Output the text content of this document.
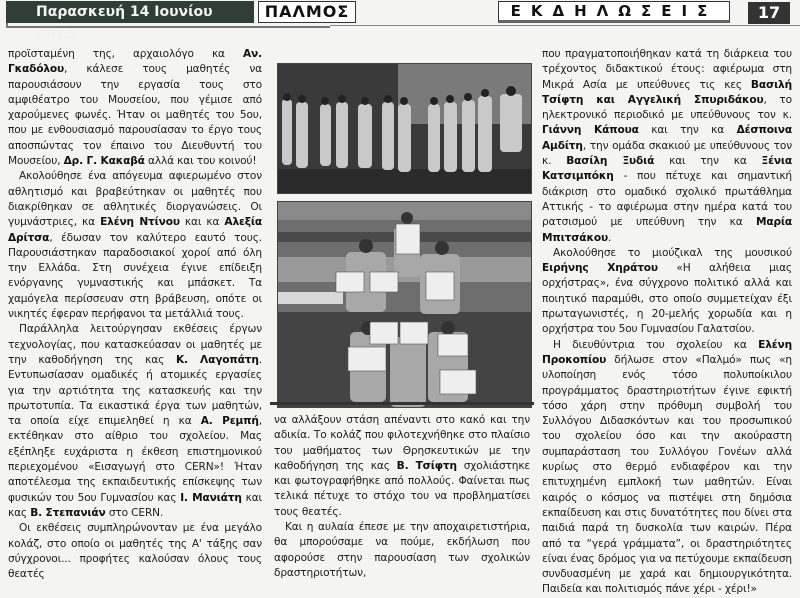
Παρασκευή 14 Ιουνίου 2013
ΠΑΛΜΟΣ	ΕΚΔΗΛΩΣΕΙΣ	17

προϊσταμένη της, αρχαιολόγο κα Αν. Γκαδόλου, κάλεσε τους μαθητές να παρουσιάσουν την εργασία τους στο αμφιθέατρο του Μουσείου, που γέμισε από χαρούμενες φωνές. Ήταν οι μαθητές του 5ου, που με ενθουσιασμό παρουσίασαν το έργο τους αποσπώντας τον έπαινο του Διευθυντή του Μουσείου, Δρ. Γ. Κακαβά αλλά και του κοινού!

Ακολούθησε ένα απόγευμα αφιερωμένο στον αθλητισμό και βραβεύτηκαν οι μαθητές που διακρίθηκαν σε αθλητικές διοργανώσεις. Οι γυμνάστριες, κα Ελένη Ντίνου και κα Αλεξία Δρίτσα, έδωσαν τον καλύτερο εαυτό τους. Παρουσιάστηκαν παραδοσιακοί χοροί από όλη την Ελλάδα. Στη συνέχεια έγινε επίδειξη ενόργανης γυμναστικής και μπάσκετ. Τα χαμόγελα περίσσευαν στη βράβευση, οπότε οι νικητές έφεραν περήφανοι τα μετάλλιά τους.

Παράλληλα λειτούργησαν εκθέσεις έργων τεχνολογίας, που κατασκεύασαν οι μαθητές με την καθοδήγηση της κας Κ. Λαγοπάτη. Εντυπωσίασαν ομαδικές ή ατομικές εργασίες για την αρτιότητα της κατασκευής και την πρωτοτυπία. Τα εικαστικά έργα των μαθητών, τα οποία είχε επιμεληθεί η κα Α. Ρεμπή, εκτέθηκαν στο αίθριο του σχολείου. Μας εξέπληξε ευχάριστα η έκθεση επιστημονικού περιεχομένου «Εισαγωγή στο CERN»! Ήταν αποτέλεσμα της εκπαιδευτικής επίσκεψης των φυσικών του 5ου Γυμνασίου κας Ι. Μανιάτη και κας Β. Στεπανιάν στο CERN.

Οι εκθέσεις συμπληρώνονταν με ένα μεγάλο κολάζ, στο οποίο οι μαθητές της Α' τάξης σαν σύγχρονοι... προφήτες καλούσαν όλους τους θεατές

να αλλάξουν στάση απέναντι στο κακό και την αδικία. Το κολάζ που φιλοτεχνήθηκε στο πλαίσιο του μαθήματος των Θρησκευτικών με την καθοδήγηση της κας Β. Τσίφτη σχολιάστηκε και φωτογραφήθηκε από πολλούς. Φαίνεται πως τελικά πέτυχε το στόχο του να προβληματίσει τους θεατές.

Και η αυλαία έπεσε με την αποχαιρετιστήρια, θα μπορούσαμε να πούμε, εκδήλωση που αφορούσε στην παρουσίαση των σχολικών δραστηριοτήτων,

που πραγματοποιήθηκαν κατά τη διάρκεια του τρέχοντος διδακτικού έτους: αφιέρωμα στη Μικρά Ασία με υπεύθυνες τις κες Βασιλή Τσίφτη και Αγγελική Σπυριδάκου, το ηλεκτρονικό περιοδικό με υπεύθυνους τον κ. Γιάννη Κάπουα και την κα Δέσποινα Αμδίτη, την ομάδα σκακιού με υπεύθυνους τον κ. Βασίλη Ξυδιά και την κα Ξένια Κατσιμπόκη - που πέτυχε και σημαντική διάκριση στο ομαδικό σχολικό πρωτάθλημα Αττικής - το αφιέρωμα στην ημέρα κατά του ρατσισμού με υπεύθυνη την κα Μαρία Μπιτσάκου.

Ακολούθησε το μιούζικαλ της μουσικού Ειρήνης Χηράτου «Η αλήθεια μιας ορχήστρας», ένα σύγχρονο πολιτικό αλλά και ποιητικό παραμύθι, στο οποίο συμμετείχαν έξι πρωταγωνιστές, η 20-μελής χορωδία και η ορχήστρα του 5ου Γυμνασίου Γαλατσίου.

Η διευθύντρια του σχολείου κα Ελένη Προκοπίου δήλωσε στον «Παλμό» πως «η υλοποίηση ενός τόσο πολυποίκιλου προγράμματος δραστηριοτήτων έγινε εφικτή τόσο χάρη στην πρόθυμη συμβολή του Συλλόγου Διδασκόντων και του προσωπικού του σχολείου όσο και την ακούραστη συμπαράσταση του Συλλόγου Γονέων αλλά κυρίως στο θερμό ενδιαφέρον και την επιτυχημένη εμπλοκή των μαθητών. Είναι καιρός ο κόσμος να πιστέψει στη δημόσια εκπαίδευση και στις δυνατότητες που δίνει στα παιδιά παρά τη δυσκολία των καιρών. Πέρα από τα “γερά γράμματα”, οι δραστηριότητες είναι ένας δρόμος για να πετύχουμε εκπαίδευση συνδυασμένη με χαρά και δημιουργικότητα. Παιδεία και πολιτισμός πάνε χέρι - χέρι!»
